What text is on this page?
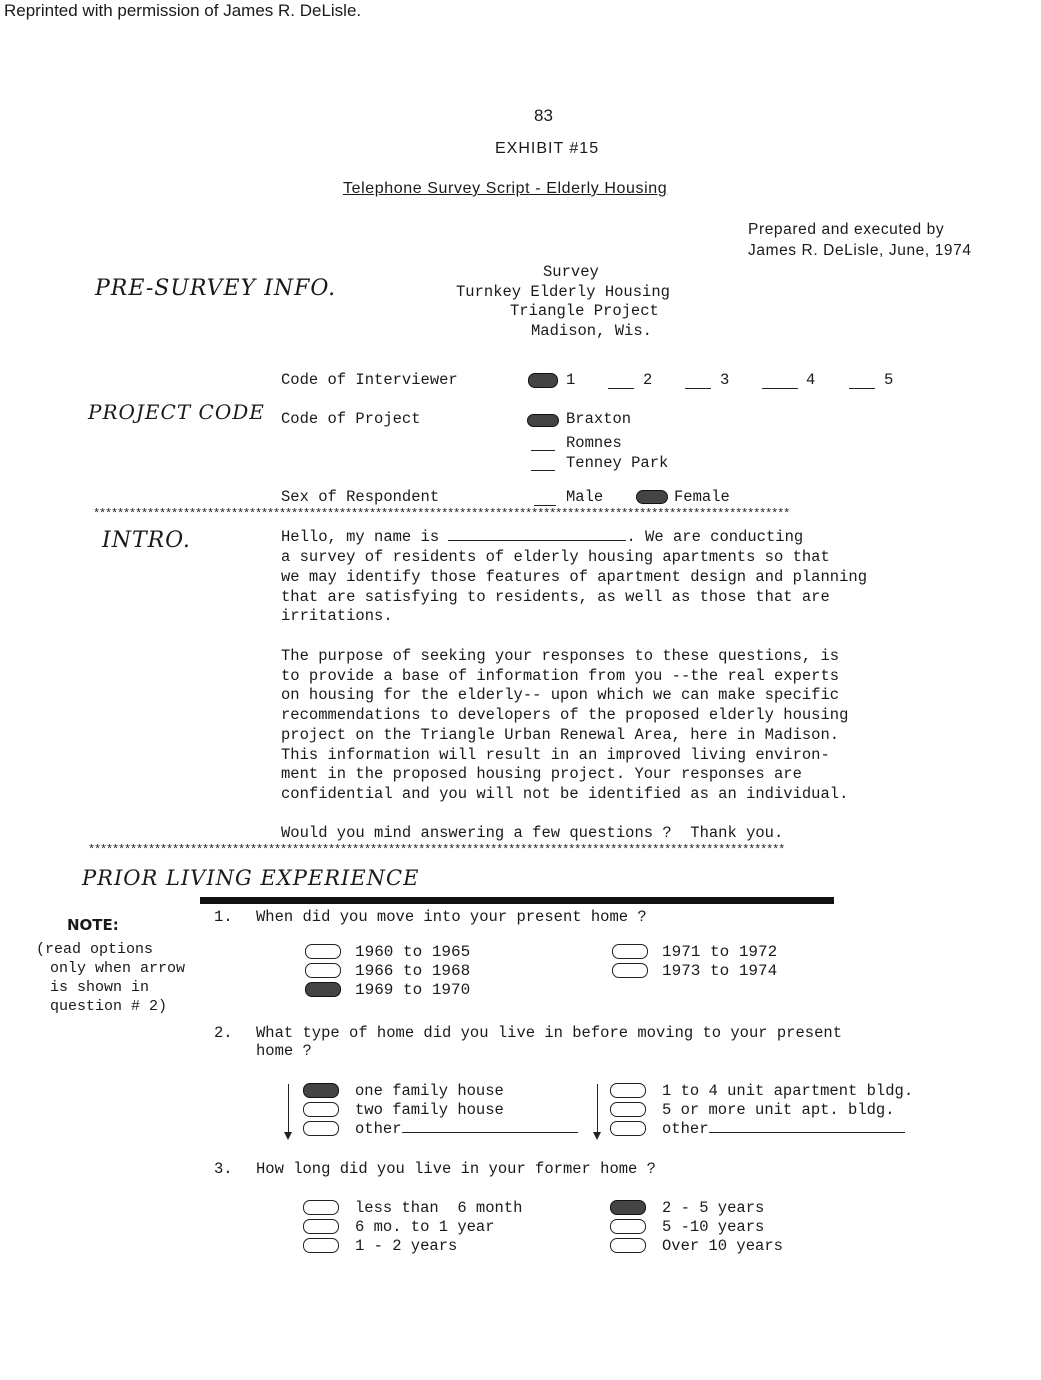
Reprinted with permission of James R. DeLisle.
83
EXHIBIT #15
Telephone Survey Script - Elderly Housing
Prepared and executed by
James R. DeLisle, June, 1974
PRE-SURVEY INFO.
PROJECT CODE
INTRO.
PRIOR LIVING EXPERIENCE
Survey
Turnkey Elderly Housing
Triangle Project
Madison, Wis.
Code of Interviewer	1	2	3	4	5
Code of Project	Braxton
Romnes
Tenney Park
Sex of Respondent	Male	Female
********************************************************************************************************************
Hello, my name is	. We are conducting
a survey of residents of elderly housing apartments so that
we may identify those features of apartment design and planning
that are satisfying to residents, as well as those that are
irritations.
The purpose of seeking your responses to these questions, is
to provide a base of information from you --the real experts
on housing for the elderly-- upon which we can make specific
recommendations to developers of the proposed elderly housing
project on the Triangle Urban Renewal Area, here in Madison.
This information will result in an improved living environ-
ment in the proposed housing project. Your responses are
confidential and you will not be identified as an individual.
Would you mind answering a few questions ?  Thank you.
********************************************************************************************************************
NOTE:
(read options
only when arrow
is shown in
question # 2)
1. When did you move into your present home ?
1960 to 1965
1966 to 1968
1969 to 1970
1971 to 1972
1973 to 1974
2. What type of home did you live in before moving to your present
home ?
one family house
two family house
other
1 to 4 unit apartment bldg.
5 or more unit apt. bldg.
other
3. How long did you live in your former home ?
less than  6 month
6 mo. to 1 year
1 - 2 years
2 - 5 years
5 -10 years
Over 10 years
